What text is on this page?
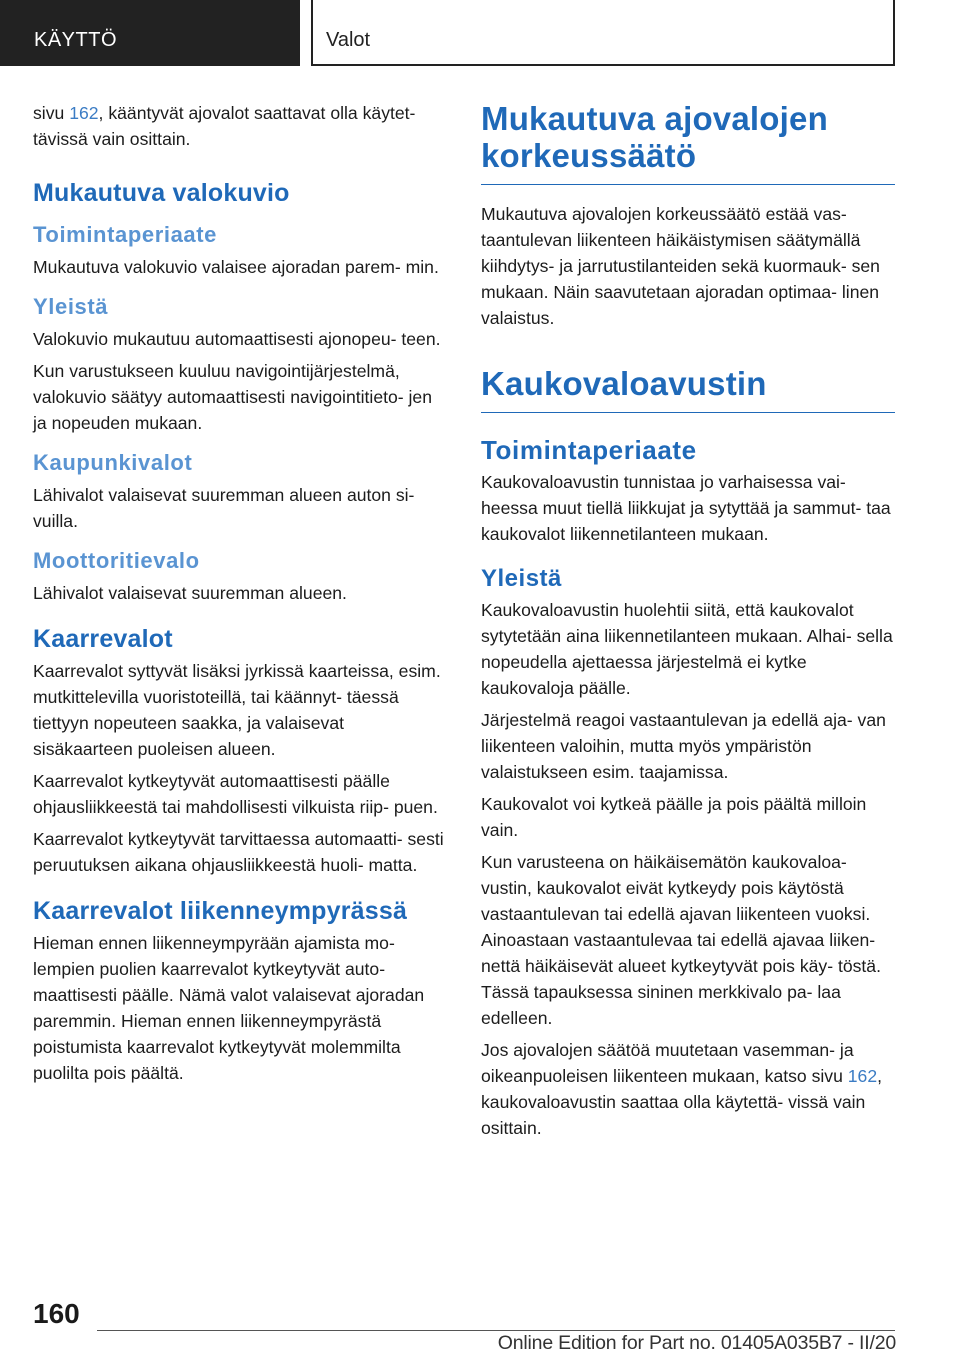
KÄYTTÖ	Valot

sivu 162, kääntyvät ajovalot saattavat olla käytet‐ tävissä vain osittain.

Mukautuva valokuvio
Toimintaperiaate

Mukautuva valokuvio valaisee ajoradan parem‐ min.

Yleistä

Valokuvio mukautuu automaattisesti ajonopeu‐ teen.

Kun varustukseen kuuluu navigointijärjestelmä, valokuvio säätyy automaattisesti navigointitieto‐ jen ja nopeuden mukaan.

Kaupunkivalot

Lähivalot valaisevat suuremman alueen auton si‐ vuilla.

Moottoritievalo

Lähivalot valaisevat suuremman alueen.

Kaarrevalot

Kaarrevalot syttyvät lisäksi jyrkissä kaarteissa, esim. mutkittelevilla vuoristoteillä, tai käännyt‐ täessä tiettyyn nopeuteen saakka, ja valaisevat sisäkaarteen puoleisen alueen.

Kaarrevalot kytkeytyvät automaattisesti päälle ohjausliikkeestä tai mahdollisesti vilkuista riip‐ puen.

Kaarrevalot kytkeytyvät tarvittaessa automaatti‐ sesti peruutuksen aikana ohjausliikkeestä huoli‐ matta.

Kaarrevalot liikenneympyrässä

Hieman ennen liikenneympyrään ajamista mo‐ lempien puolien kaarrevalot kytkeytyvät auto‐ maattisesti päälle. Nämä valot valaisevat ajoradan paremmin. Hieman ennen liikenneympyrästä poistumista kaarrevalot kytkeytyvät molemmilta puolilta pois päältä.

Mukautuva ajovalojen korkeussäätö

Mukautuva ajovalojen korkeussäätö estää vas‐ taantulevan liikenteen häikäistymisen säätymällä kiihdytys- ja jarrutustilanteiden sekä kuormauk‐ sen mukaan. Näin saavutetaan ajoradan optimaa‐ linen valaistus.

Kaukovaloavustin
Toimintaperiaate

Kaukovaloavustin tunnistaa jo varhaisessa vai‐ heessa muut tiellä liikkujat ja sytyttää ja sammut‐ taa kaukovalot liikennetilanteen mukaan.

Yleistä

Kaukovaloavustin huolehtii siitä, että kaukovalot sytytetään aina liikennetilanteen mukaan. Alhai‐ sella nopeudella ajettaessa järjestelmä ei kytke kaukovaloja päälle.

Järjestelmä reagoi vastaantulevan ja edellä aja‐ van liikenteen valoihin, mutta myös ympäristön valaistukseen esim. taajamissa.

Kaukovalot voi kytkeä päälle ja pois päältä milloin vain.

Kun varusteena on häikäisemätön kaukovaloa‐ vustin, kaukovalot eivät kytkeydy pois käytöstä vastaantulevan tai edellä ajavan liikenteen vuoksi. Ainoastaan vastaantulevaa tai edellä ajavaa liiken‐ nettä häikäisevät alueet kytkeytyvät pois käy‐ töstä. Tässä tapauksessa sininen merkkivalo pa‐ laa edelleen.

Jos ajovalojen säätöä muutetaan vasemman- ja oikeanpuoleisen liikenteen mukaan, katso sivu 162, kaukovaloavustin saattaa olla käytettä‐ vissä vain osittain.

160
Online Edition for Part no. 01405A035B7 - II/20
